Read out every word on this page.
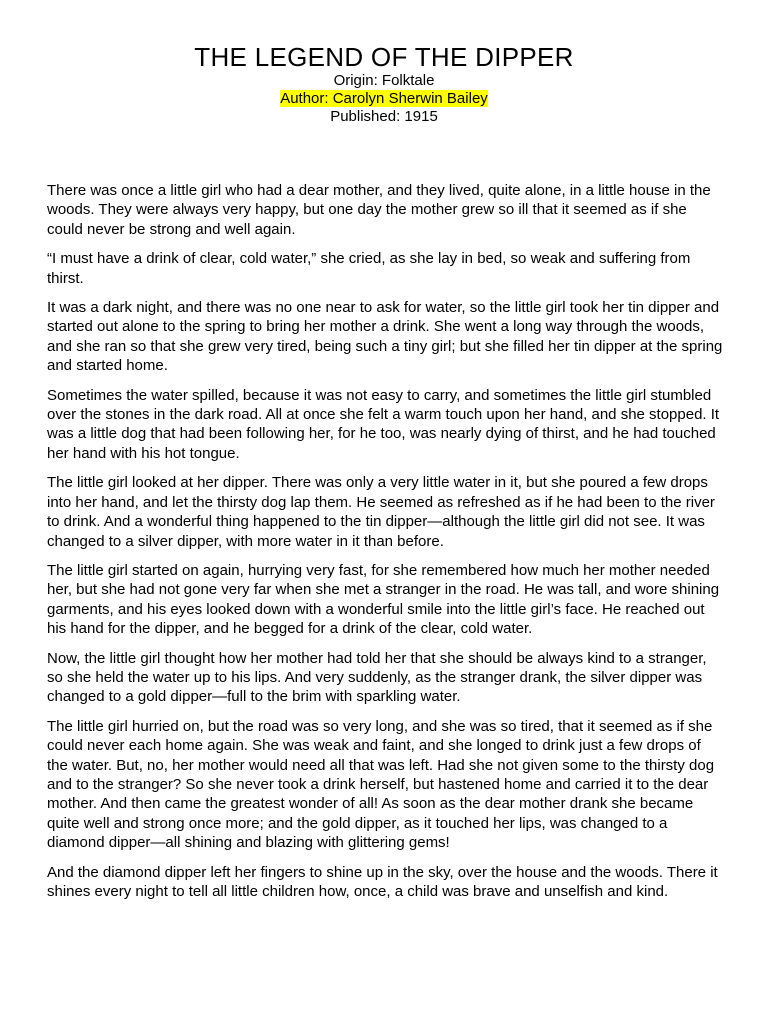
THE LEGEND OF THE DIPPER

Origin: Folktale

Author: Carolyn Sherwin Bailey

Published: 1915

There was once a little girl who had a dear mother, and they lived, quite alone, in a little house in the woods. They were always very happy, but one day the mother grew so ill that it seemed as if she could never be strong and well again.

“I must have a drink of clear, cold water,” she cried, as she lay in bed, so weak and suffering from thirst.

It was a dark night, and there was no one near to ask for water, so the little girl took her tin dipper and started out alone to the spring to bring her mother a drink. She went a long way through the woods, and she ran so that she grew very tired, being such a tiny girl; but she filled her tin dipper at the spring and started home.

Sometimes the water spilled, because it was not easy to carry, and sometimes the little girl stumbled over the stones in the dark road. All at once she felt a warm touch upon her hand, and she stopped. It was a little dog that had been following her, for he too, was nearly dying of thirst, and he had touched her hand with his hot tongue.

The little girl looked at her dipper. There was only a very little water in it, but she poured a few drops into her hand, and let the thirsty dog lap them. He seemed as refreshed as if he had been to the river to drink. And a wonderful thing happened to the tin dipper—although the little girl did not see. It was changed to a silver dipper, with more water in it than before.

The little girl started on again, hurrying very fast, for she remembered how much her mother needed her, but she had not gone very far when she met a stranger in the road. He was tall, and wore shining garments, and his eyes looked down with a wonderful smile into the little girl’s face. He reached out his hand for the dipper, and he begged for a drink of the clear, cold water.

Now, the little girl thought how her mother had told her that she should be always kind to a stranger, so she held the water up to his lips. And very suddenly, as the stranger drank, the silver dipper was changed to a gold dipper—full to the brim with sparkling water.

The little girl hurried on, but the road was so very long, and she was so tired, that it seemed as if she could never each home again. She was weak and faint, and she longed to drink just a few drops of the water. But, no, her mother would need all that was left. Had she not given some to the thirsty dog and to the stranger? So she never took a drink herself, but hastened home and carried it to the dear mother. And then came the greatest wonder of all! As soon as the dear mother drank she became quite well and strong once more; and the gold dipper, as it touched her lips, was changed to a diamond dipper—all shining and blazing with glittering gems!

And the diamond dipper left her fingers to shine up in the sky, over the house and the woods. There it shines every night to tell all little children how, once, a child was brave and unselfish and kind.
